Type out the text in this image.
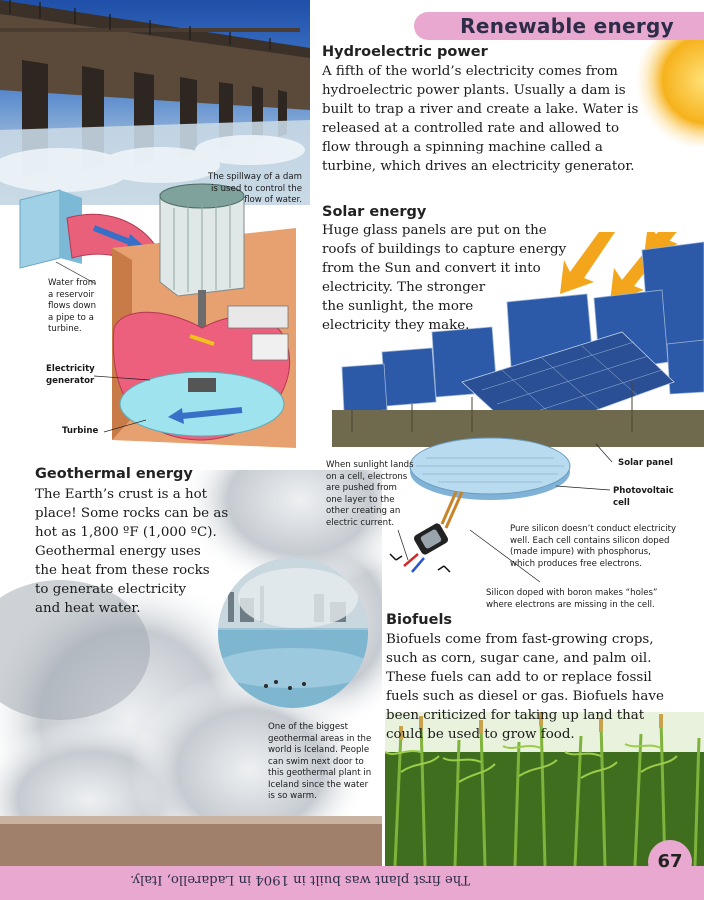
Renewable energy
Hydroelectric power
A fifth of the world’s electricity comes from
hydroelectric power plants. Usually a dam is
built to trap a river and create a lake. Water is
released at a controlled rate and allowed to
flow through a spinning machine called a
turbine, which drives an electricity generator.
Solar energy
Huge glass panels are put on the
roofs of buildings to capture energy
from the Sun and convert it into
electricity. The stronger
the sunlight, the more
electricity they make.
Geothermal energy
The Earth’s crust is a hot
place! Some rocks can be as
hot as 1,800 ºF (1,000 ºC).
Geothermal energy uses
the heat from these rocks
to generate electricity
and heat water.
Biofuels
Biofuels come from fast-growing crops,
such as corn, sugar cane, and palm oil.
These fuels can add to or replace fossil
fuels such as diesel or gas. Biofuels have
been criticized for taking up land that
could be used to grow food.
The spillway of a dam
is used to control the
flow of water.
Water from
a reservoir
flows down
a pipe to a
turbine.
Electricity
generator
Turbine
When sunlight lands
on a cell, electrons
are pushed from
one layer to the
other creating an
electric current.
Solar panel
Photovoltaic
cell
Pure silicon doesn’t conduct electricity
well. Each cell contains silicon doped
(made impure) with phosphorus,
which produces free electrons.
Silicon doped with boron makes “holes”
where electrons are missing in the cell.
One of the biggest
geothermal areas in the
world is Iceland. People
can swim next door to
this geothermal plant in
Iceland since the water
is so warm.
The first plant was built in 1904 in Ladarello, Italy.
67
